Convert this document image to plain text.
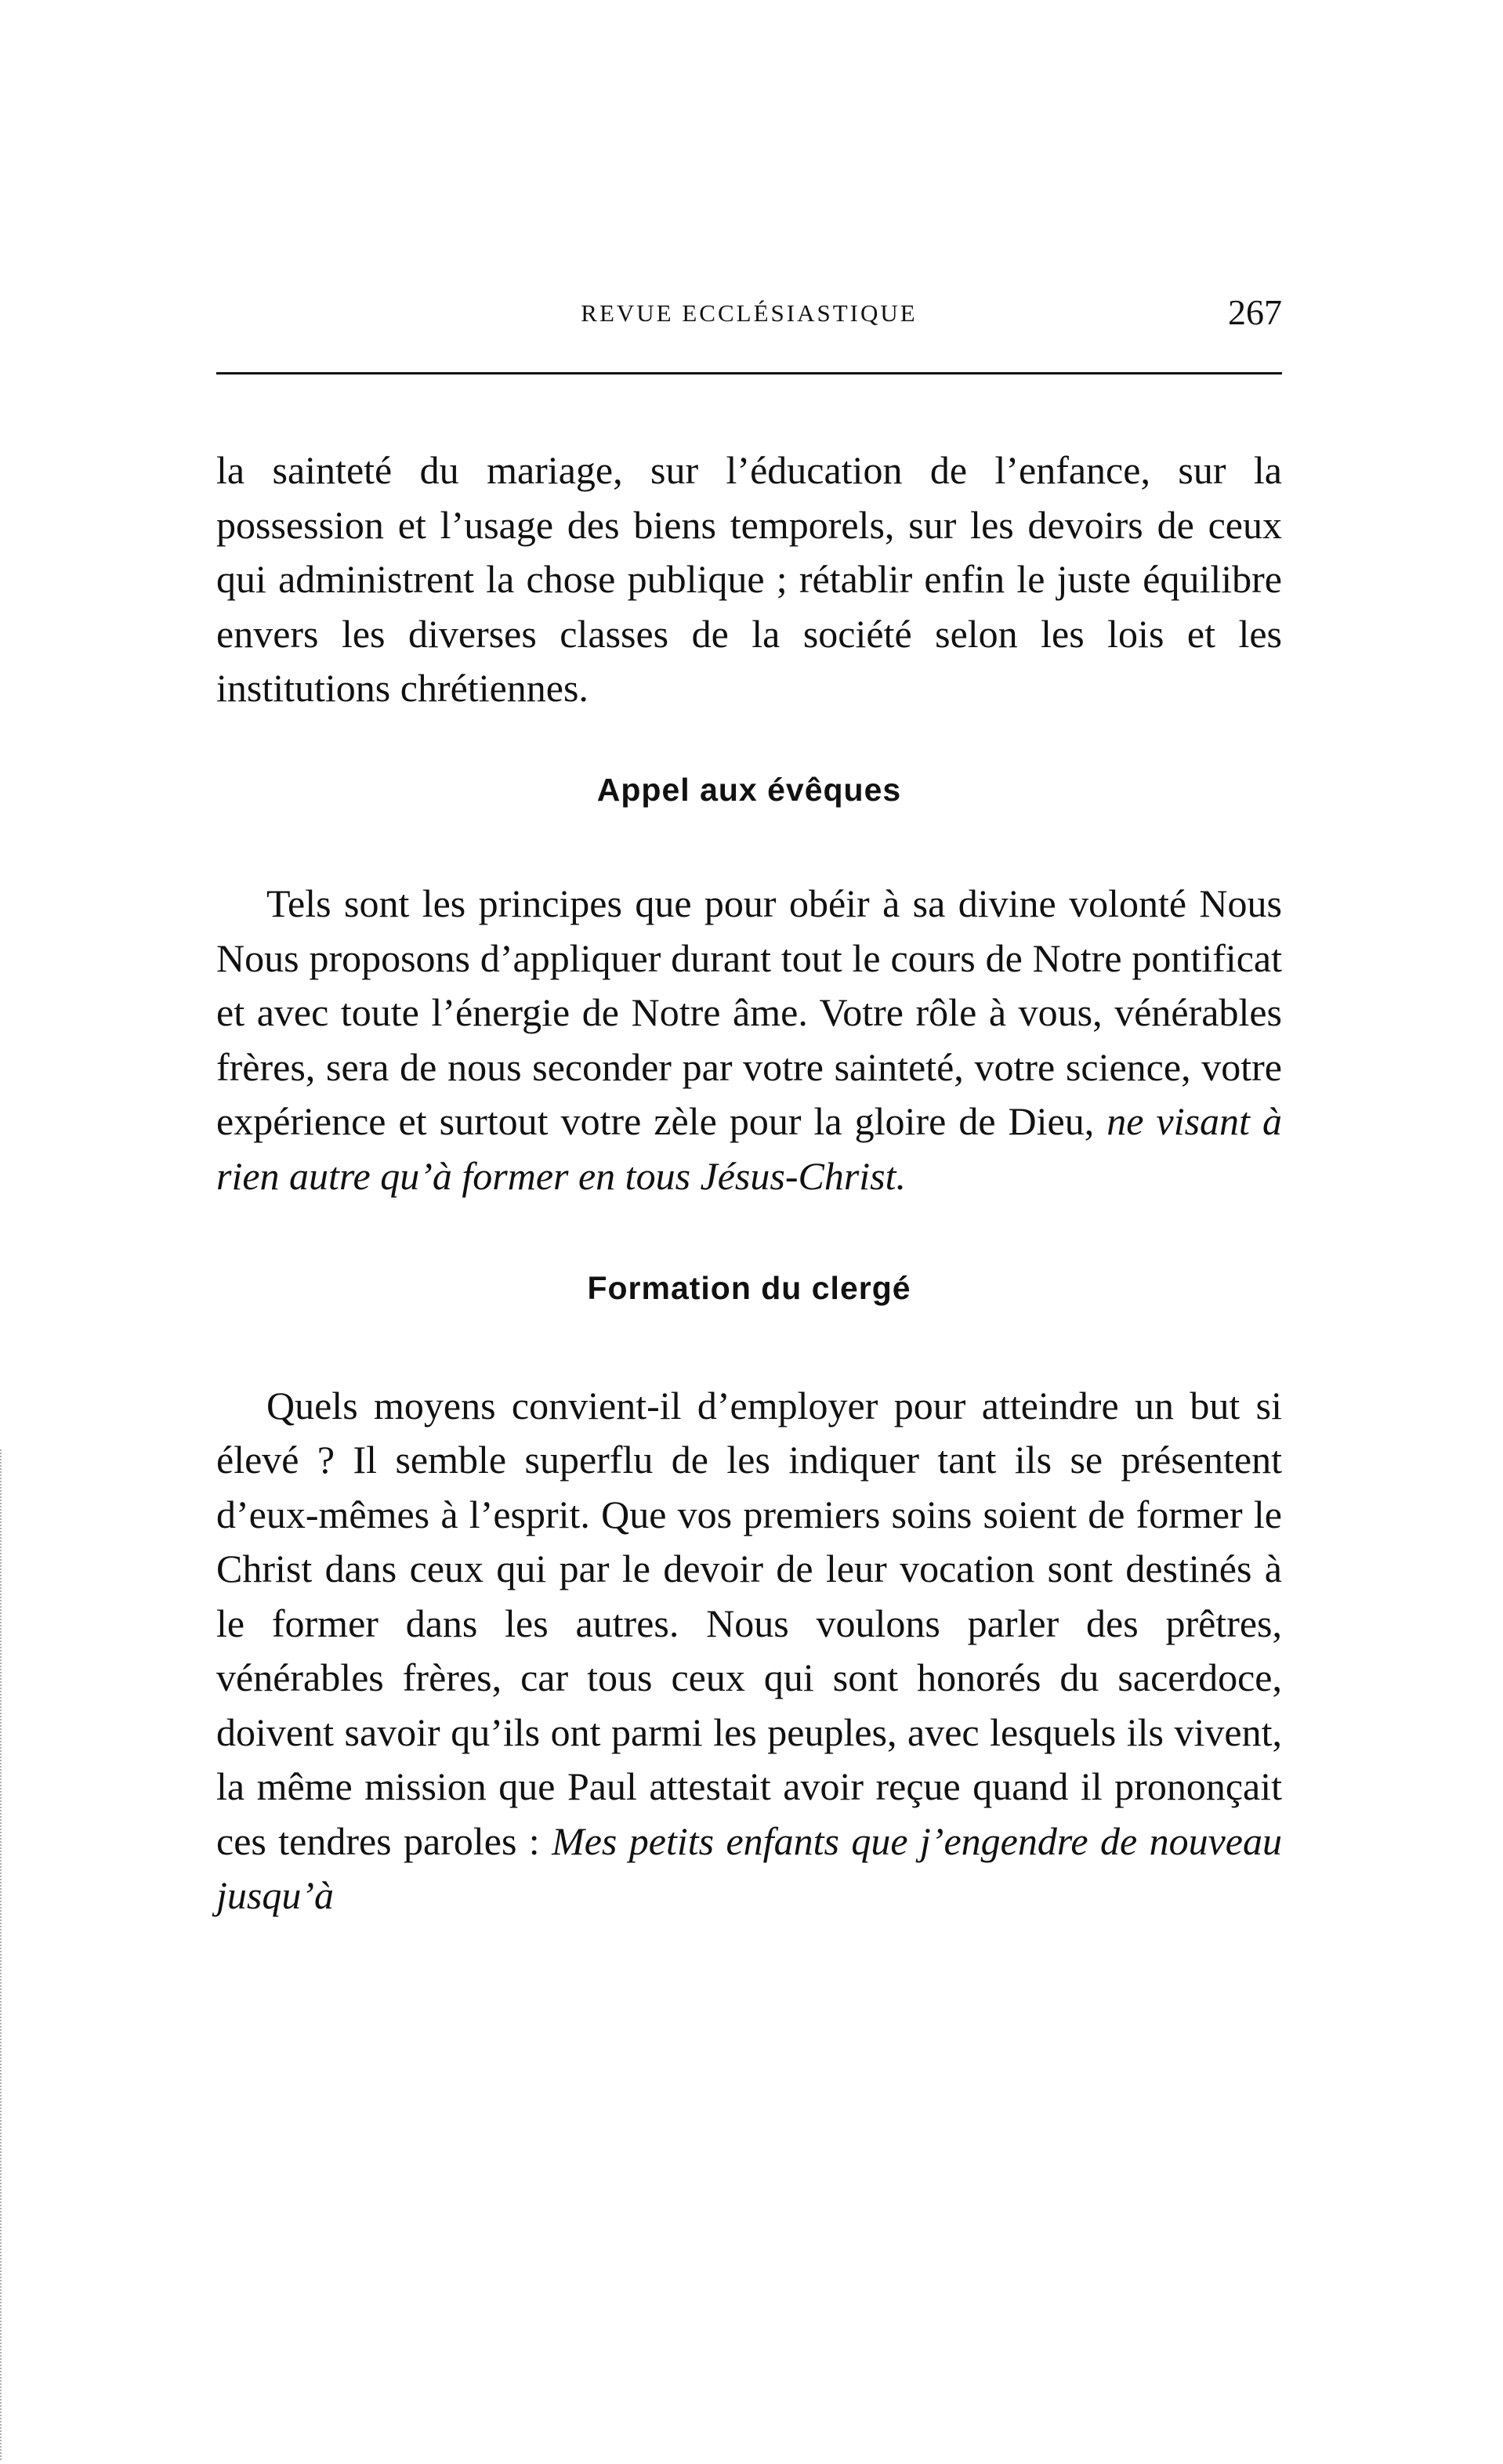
REVUE ECCLÉSIASTIQUE	267

la sainteté du mariage, sur l’éducation de l’enfance, sur la possession et l’usage des biens temporels, sur les devoirs de ceux qui administrent la chose publique ; rétablir enfin le juste équilibre envers les diverses classes de la société selon les lois et les institutions chrétiennes.

Appel aux évêques

Tels sont les principes que pour obéir à sa divine volonté Nous Nous proposons d’appliquer durant tout le cours de Notre pontificat et avec toute l’énergie de Notre âme. Votre rôle à vous, vénérables frères, sera de nous seconder par votre sainteté, votre science, votre expérience et surtout votre zèle pour la gloire de Dieu, ne visant à rien autre qu’à former en tous Jésus-Christ.

Formation du clergé

Quels moyens convient-il d’employer pour atteindre un but si élevé ? Il semble superflu de les indiquer tant ils se présentent d’eux-mêmes à l’esprit. Que vos premiers soins soient de former le Christ dans ceux qui par le devoir de leur vocation sont destinés à le former dans les autres. Nous voulons parler des prêtres, vénérables frères, car tous ceux qui sont honorés du sacerdoce, doivent savoir qu’ils ont parmi les peuples, avec lesquels ils vivent, la même mission que Paul attestait avoir reçue quand il prononçait ces tendres paroles : Mes petits enfants que j’engendre de nouveau jusqu’à
